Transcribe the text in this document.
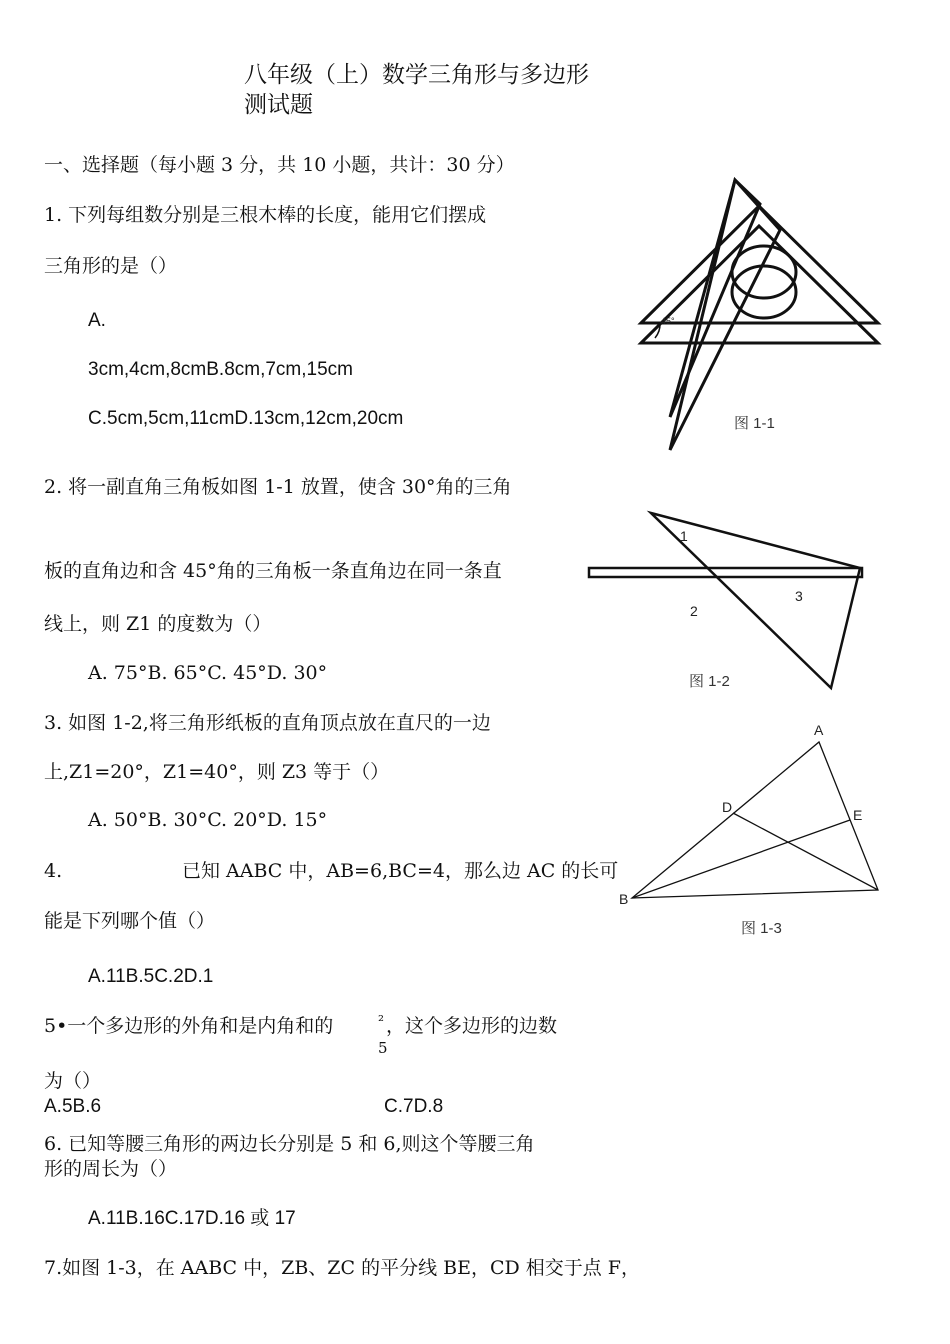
八年级（上）数学三角形与多边形
测试题
一、选择题（每小题 3 分，共 10 小题，共计：30 分）
1. 下列每组数分别是三根木棒的长度，能用它们摆成
三角形的是（）
A.
3cm,4cm,8cmB.8cm,7cm,15cm
C.5cm,5cm,11cmD.13cm,12cm,20cm
2. 将一副直角三角板如图 1-1 放置，使含 30°角的三角
板的直角边和含 45°角的三角板一条直角边在同一条直
线上，则 Z1 的度数为（）
A. 75°B. 65°C. 45°D. 30°
3. 如图 1-2,将三角形纸板的直角顶点放在直尺的一边
上,Z1=20°，Z1=40°，则 Z3 等于（）
A. 50°B. 30°C. 20°D. 15°
4.	已知 AABC 中，AB=6,BC=4，那么边 AC 的长可
能是下列哪个值（）
A.11B.5C.2D.1
5•一个多边形的外角和是内角和的	²
5
，这个多边形的边数
为（）
A.5B.6	C.7D.8
6. 已知等腰三角形的两边长分别是 5 和 6,则这个等腰三角
形的周长为（）
A.11B.16C.17D.16 或 17
7.如图 1-3，在 AABC 中，ZB、ZC 的平分线 BE，CD 相交于点 F，
45°
图 1-1
1
2
3
图 1-2
A
B
D	E
图 1-3
